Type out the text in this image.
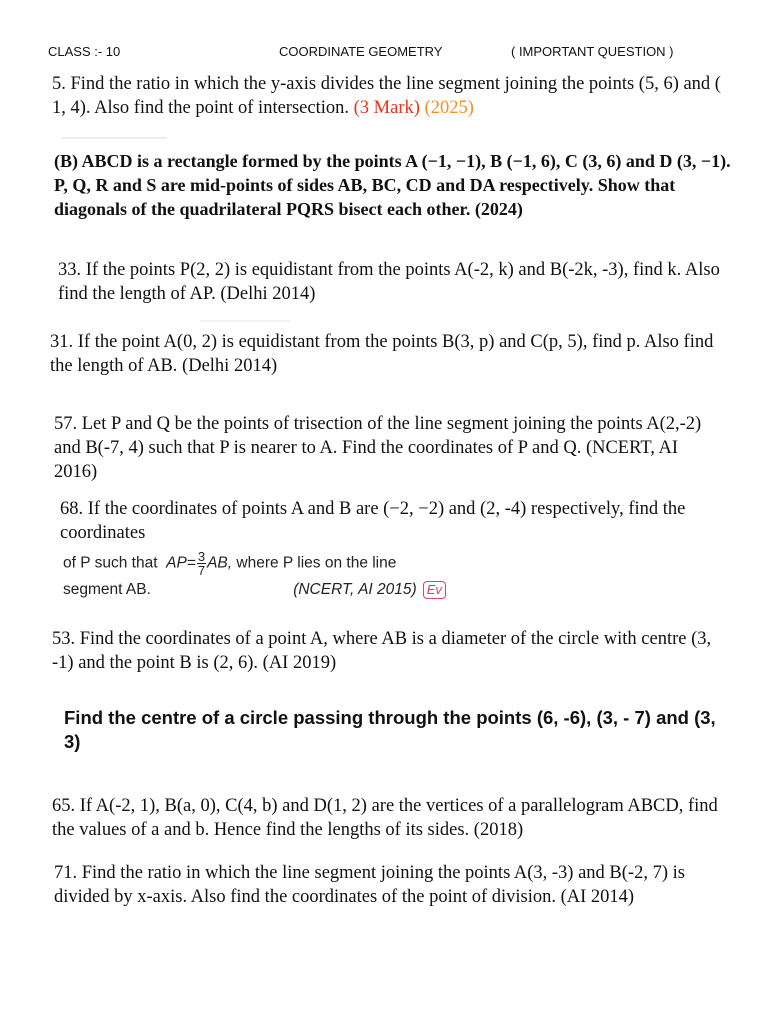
CLASS :- 10	COORDINATE GEOMETRY	( IMPORTANT QUESTION )

5. Find the ratio in which the y-axis divides the line segment joining the points (5, 6) and ( 1, 4). Also find the point of intersection. (3 Mark) (2025)

(B) ABCD is a rectangle formed by the points A (−1, −1), B (−1, 6), C (3, 6) and D (3, −1). P, Q, R and S are mid-points of sides AB, BC, CD and DA respectively. Show that diagonals of the quadrilateral PQRS bisect each other. (2024)

33. If the points P(2, 2) is equidistant from the points A(-2, k) and B(-2k, -3), find k. Also find the length of AP. (Delhi 2014)

31. If the point A(0, 2) is equidistant from the points B(3, p) and C(p, 5), find p. Also find the length of AB. (Delhi 2014)

57. Let P and Q be the points of trisection of the line segment joining the points A(2,-2) and B(-7, 4) such that P is nearer to A. Find the coordinates of P and Q. (NCERT, AI 2016)

68. If the coordinates of points A and B are (−2, −2) and (2, -4) respectively, find the coordinates

of P such that $AP= \frac{3}{7}$ AB, where P lies on the line
segment AB.	(NCERT, AI 2015) Ev

53. Find the coordinates of a point A, where AB is a diameter of the circle with centre (3, -1) and the point B is (2, 6). (AI 2019)

Find the centre of a circle passing through the points (6, -6), (3, - 7) and (3, 3)

65. If A(-2, 1), B(a, 0), C(4, b) and D(1, 2) are the vertices of a parallelogram ABCD, find the values of a and b. Hence find the lengths of its sides. (2018)

71. Find the ratio in which the line segment joining the points A(3, -3) and B(-2, 7) is divided by x-axis. Also find the coordinates of the point of division. (AI 2014)
